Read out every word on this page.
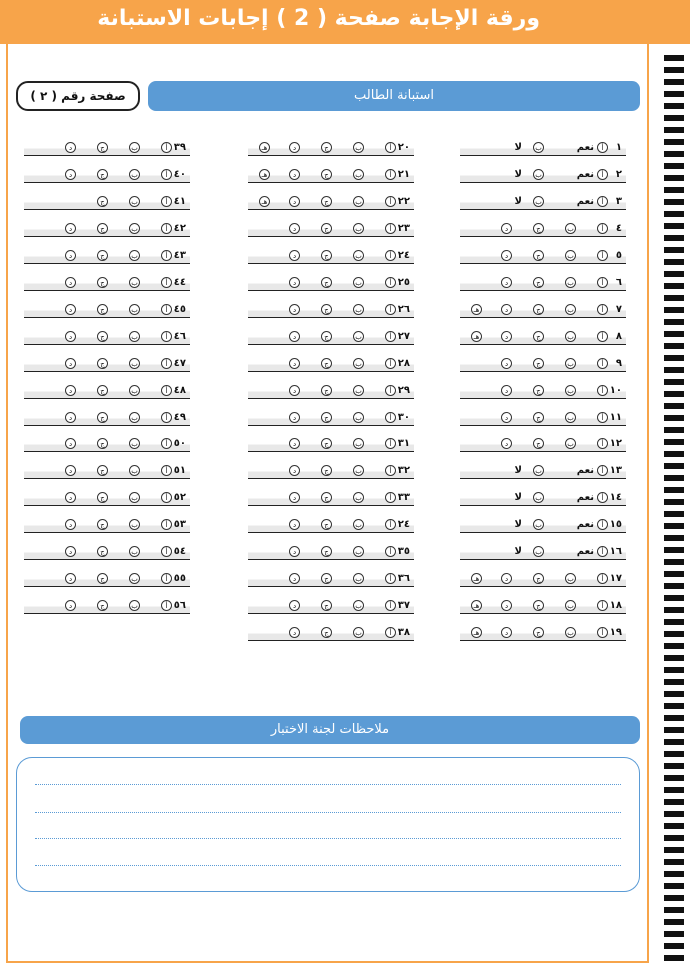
ورقة الإجابة صفحة ( 2 ) إجابات الاستبانة
صفحة رقم ( ٢ )	استبانة الطالب
١
أ
نعم
ب
لا
٢
أ
نعم
ب
لا
٣
أ
نعم
ب
لا
٤
أ
ب
ج
د
٥
أ
ب
ج
د
٦
أ
ب
ج
د
٧
أ
ب
ج
د
هـ
٨
أ
ب
ج
د
هـ
٩
أ
ب
ج
د
١٠
أ
ب
ج
د
١١
أ
ب
ج
د
١٢
أ
ب
ج
د
١٣
أ
نعم
ب
لا
١٤
أ
نعم
ب
لا
١٥
أ
نعم
ب
لا
١٦
أ
نعم
ب
لا
١٧
أ
ب
ج
د
هـ
١٨
أ
ب
ج
د
هـ
١٩
أ
ب
ج
د
هـ
٢٠
أ
ب
ج
د
هـ
٢١
أ
ب
ج
د
هـ
٢٢
أ
ب
ج
د
هـ
٢٣
أ
ب
ج
د
٢٤
أ
ب
ج
د
٢٥
أ
ب
ج
د
٢٦
أ
ب
ج
د
٢٧
أ
ب
ج
د
٢٨
أ
ب
ج
د
٢٩
أ
ب
ج
د
٣٠
أ
ب
ج
د
٣١
أ
ب
ج
د
٣٢
أ
ب
ج
د
٣٣
أ
ب
ج
د
٢٤
أ
ب
ج
د
٣٥
أ
ب
ج
د
٣٦
أ
ب
ج
د
٣٧
أ
ب
ج
د
٣٨
أ
ب
ج
د
٣٩
أ
ب
ج
د
٤٠
أ
ب
ج
د
٤١
أ
ب
ج
٤٢
أ
ب
ج
د
٤٣
أ
ب
ج
د
٤٤
أ
ب
ج
د
٤٥
أ
ب
ج
د
٤٦
أ
ب
ج
د
٤٧
أ
ب
ج
د
٤٨
أ
ب
ج
د
٤٩
أ
ب
ج
د
٥٠
أ
ب
ج
د
٥١
أ
ب
ج
د
٥٢
أ
ب
ج
د
٥٣
أ
ب
ج
د
٥٤
أ
ب
ج
د
٥٥
أ
ب
ج
د
٥٦
أ
ب
ج
د
ملاحظات لجنة الاختبار
